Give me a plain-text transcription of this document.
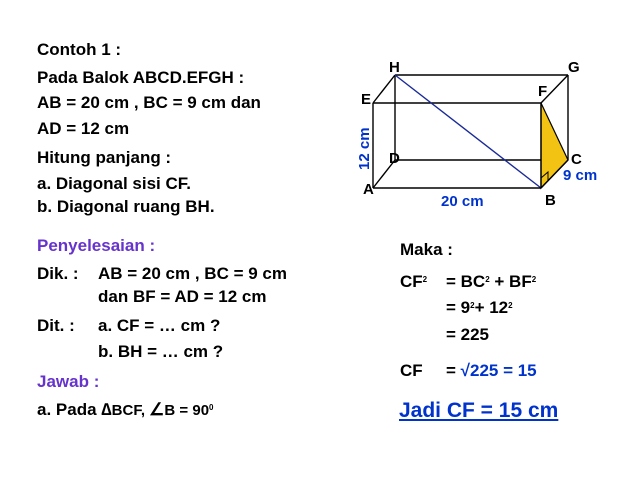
Contoh 1 :
Pada Balok ABCD.EFGH :
AB = 20 cm , BC = 9 cm dan
AD = 12 cm
Hitung panjang :
a. Diagonal sisi CF.
b. Diagonal ruang BH.
Penyelesaian :
Dik. : AB = 20 cm , BC = 9 cm
dan BF = AD = 12 cm
Dit. : a. CF = … cm ?
b. BH = … cm ?
Jawab :
a. Pada ∆BCF, ∠B = $90^0$
Maka :
$CF^2 = BC^2 + BF^2$
= $9^2+ 12^2$
= 225
CF = √225 = 15
Jadi CF = 15 cm
H	G
E	F
D	C
A
B
20 cm
9 cm
12 cm
